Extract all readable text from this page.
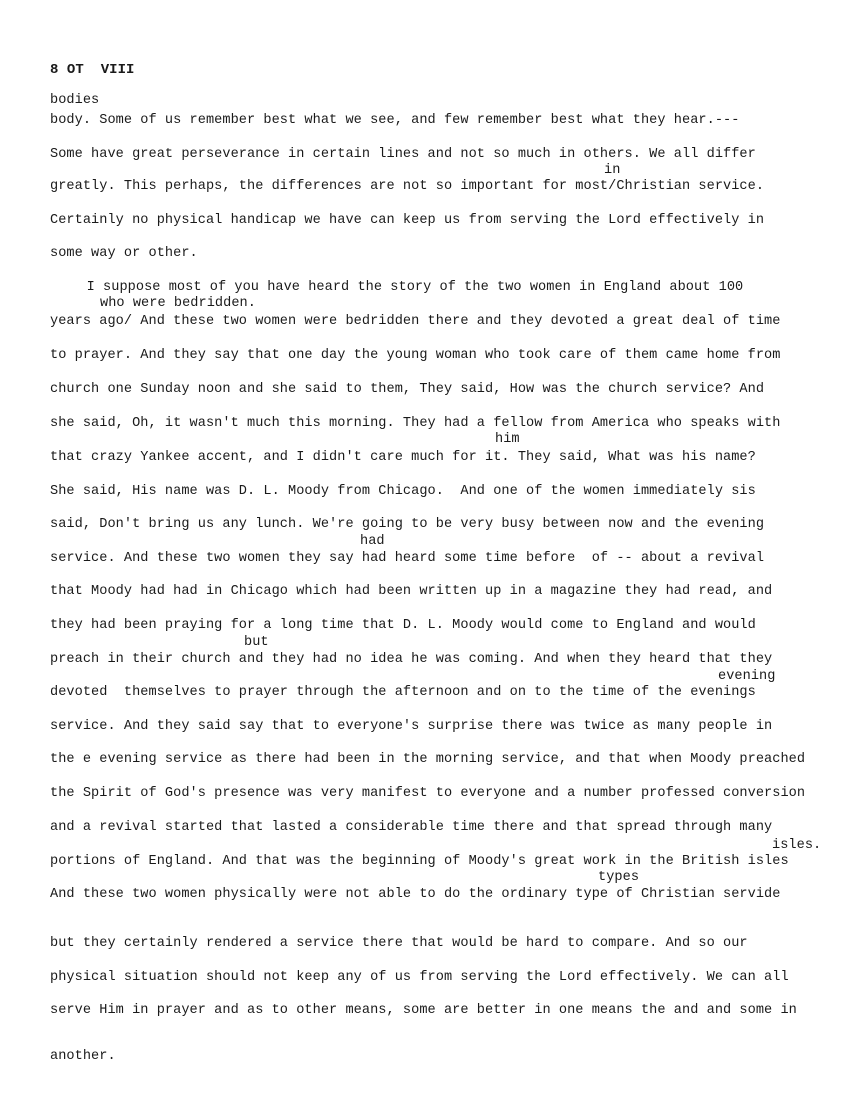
8 OT  VIII
bodies
body. Some of us remember best what we see, and few remember best what they hear.---
Some have great perseverance in certain lines and not so much in others. We all differ
in
greatly. This perhaps, the differences are not so important for most/Christian service.
Certainly no physical handicap we have can keep us from serving the Lord effectively in
some way or other.
I suppose most of you have heard the story of the two women in England about 100
who were bedridden.
years ago/ And these two women were bedridden there and they devoted a great deal of time
to prayer. And they say that one day the young woman who took care of them came home from
church one Sunday noon and she said to them, They said, How was the church service? And
she said, Oh, it wasn't much this morning. They had a fellow from America who speaks with
him
that crazy Yankee accent, and I didn't care much for it. They said, What was his name?
She said, His name was D. L. Moody from Chicago.  And one of the women immediately sis
said, Don't bring us any lunch. We're going to be very busy between now and the evening
had
service. And these two women they say had heard some time before  of -- about a revival
that Moody had had in Chicago which had been written up in a magazine they had read, and
they had been praying for a long time that D. L. Moody would come to England and would
but
preach in their church and they had no idea he was coming. And when they heard that they
evening
devoted  themselves to prayer through the afternoon and on to the time of the evenings
service. And they said say that to everyone's surprise there was twice as many people in
the e evening service as there had been in the morning service, and that when Moody preached
the Spirit of God's presence was very manifest to everyone and a number professed conversion
and a revival started that lasted a considerable time there and that spread through many
isles.
portions of England. And that was the beginning of Moody's great work in the British isles
types
And these two women physically were not able to do the ordinary type of Christian servide
but they certainly rendered a service there that would be hard to compare. And so our
physical situation should not keep any of us from serving the Lord effectively. We can all
serve Him in prayer and as to other means, some are better in one means the and and some in
another.
